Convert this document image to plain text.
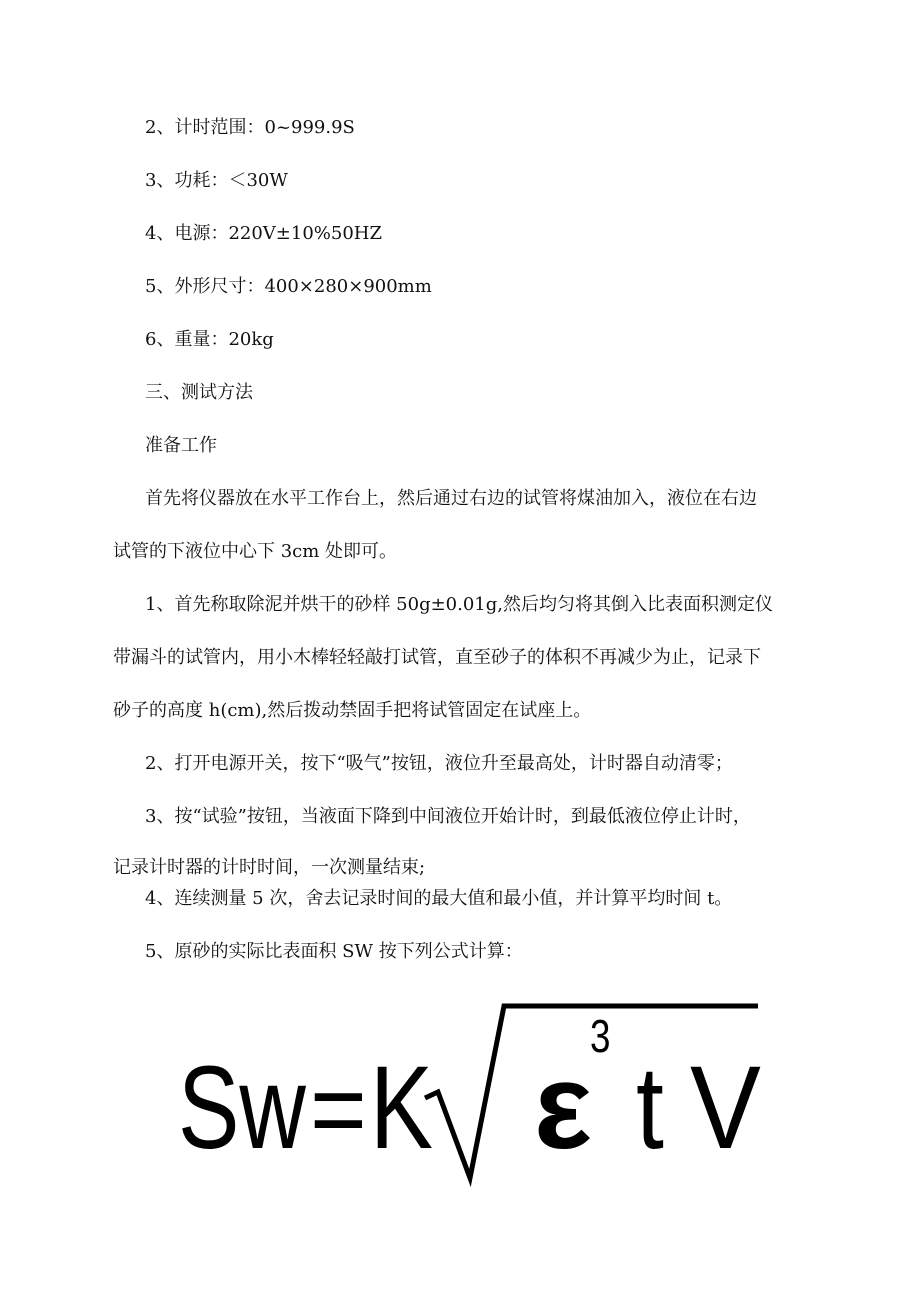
2、计时范围：0~999.9S
3、功耗：＜30W
4、电源：220V±10%50HZ
5、外形尺寸：400×280×900mm
6、重量：20kg
三、测试方法
准备工作
首先将仪器放在水平工作台上，然后通过右边的试管将煤油加入，液位在右边
试管的下液位中心下 3cm 处即可。
1、首先称取除泥并烘干的砂样 50g±0.01g,然后均匀将其倒入比表面积测定仪
带漏斗的试管内，用小木棒轻轻敲打试管，直至砂子的体积不再减少为止，记录下
砂子的高度 h(cm),然后拨动禁固手把将试管固定在试座上。
2、打开电源开关，按下“吸气”按钮，液位升至最高处，计时器自动清零；
3、按“试验”按钮，当液面下降到中间液位开始计时，到最低液位停止计时，
记录计时器的计时时间，一次测量结束;
4、连续测量 5 次，舍去记录时间的最大值和最小值，并计算平均时间 t。
5、原砂的实际比表面积 SW 按下列公式计算：
Sw = K ε
3
t V
